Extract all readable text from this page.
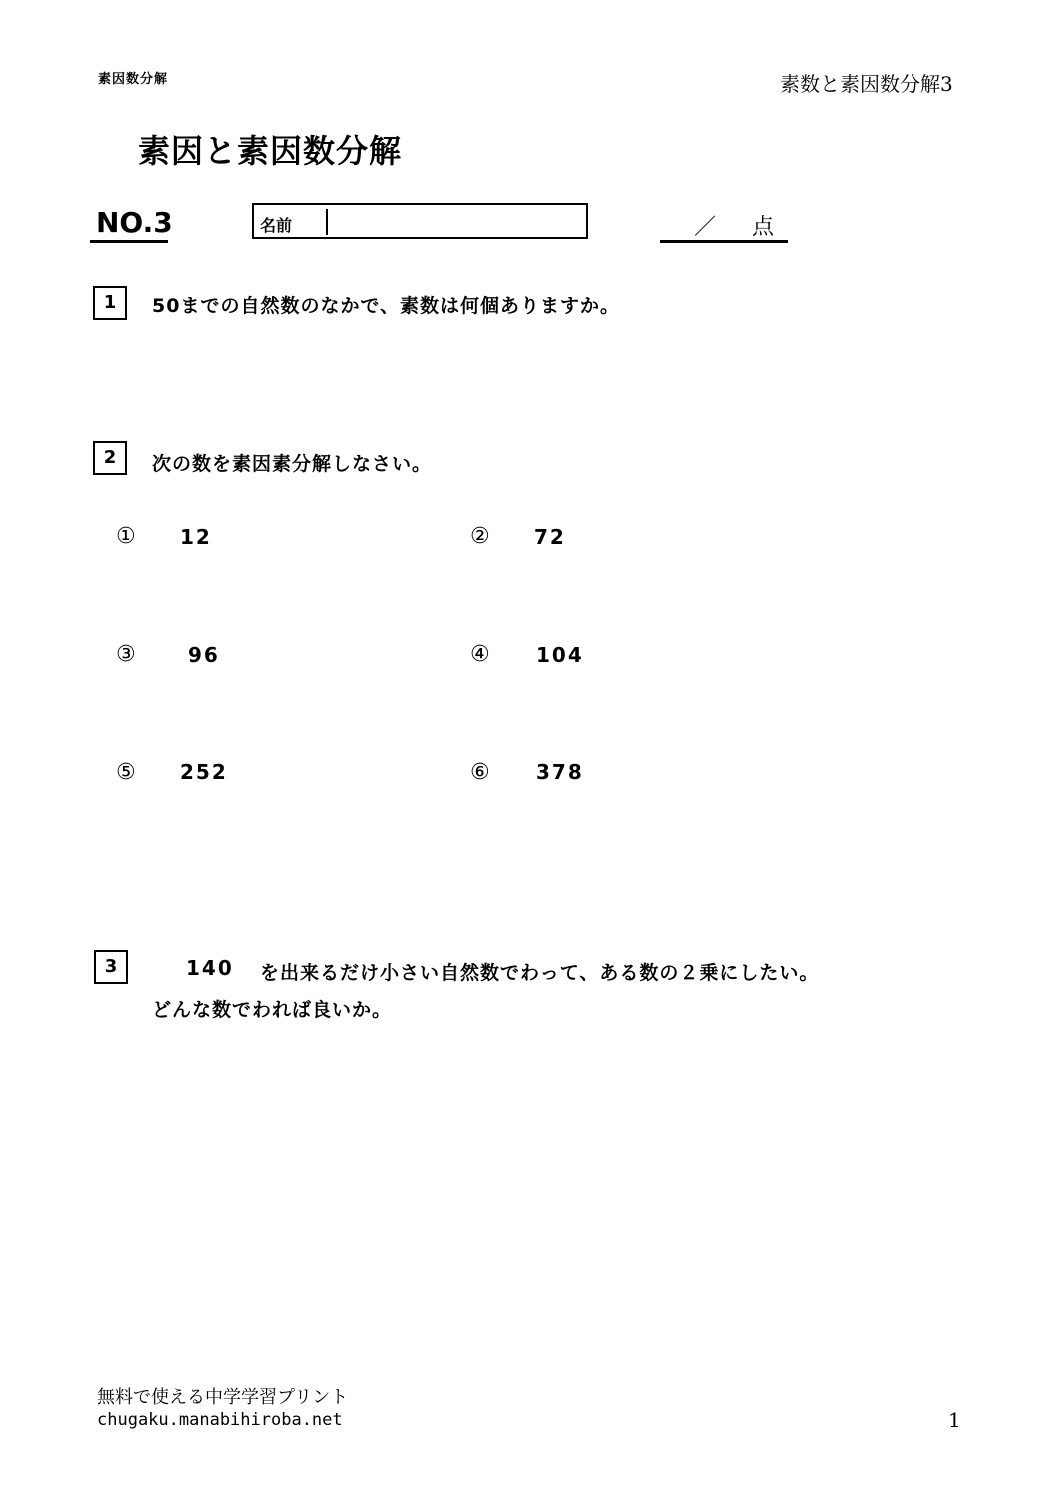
素因数分解	素数と素因数分解3
素因と素因数分解
NO.3	名前	／ 点
1	50までの自然数のなかで、素数は何個ありますか。
2	次の数を素因素分解しなさい。
① 12	② 72
③	96	④ 104
⑤ 252	⑥ 378
3	140 を出来るだけ小さい自然数でわって、ある数の２乗にしたい。
どんな数でわれば良いか。
無料で使える中学学習プリント
chugaku.manabihiroba.net	1
